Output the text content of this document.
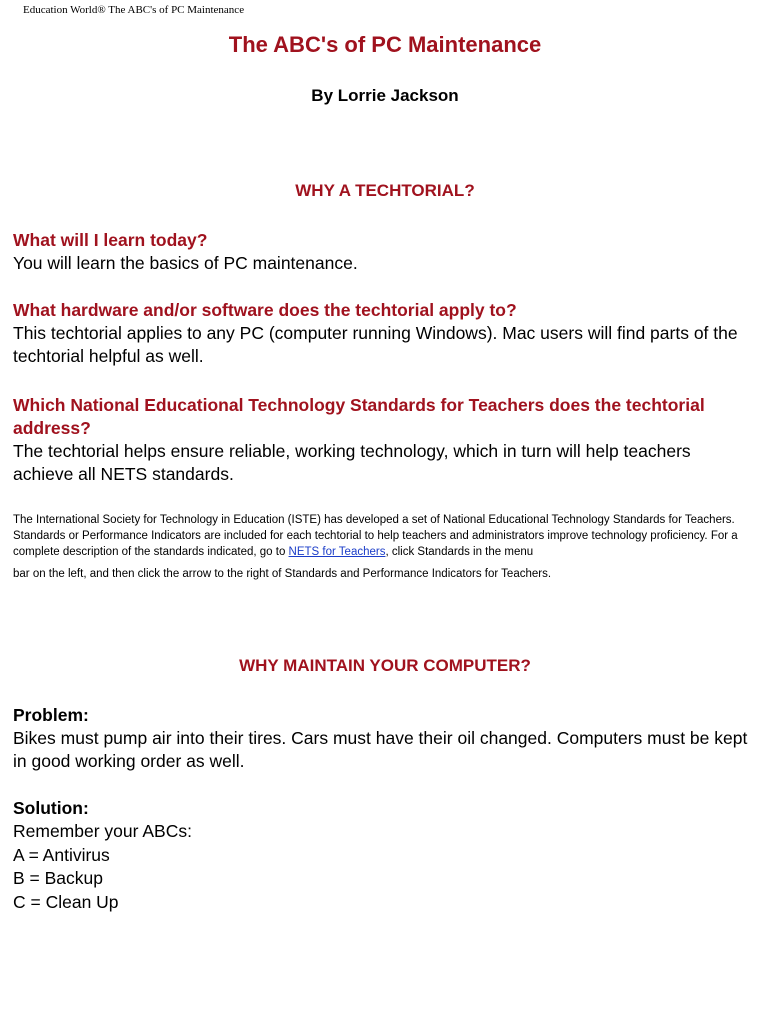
Education World® The ABC's of PC Maintenance
The ABC's of PC Maintenance
By Lorrie Jackson
WHY A TECHTORIAL?
What will I learn today?
You will learn the basics of PC maintenance.
What hardware and/or software does the techtorial apply to?
This techtorial applies to any PC (computer running Windows). Mac users will find parts of the techtorial helpful as well.
Which National Educational Technology Standards for Teachers does the techtorial address?
The techtorial helps ensure reliable, working technology, which in turn will help teachers achieve all NETS standards.
The International Society for Technology in Education (ISTE) has developed a set of National Educational Technology Standards for Teachers. Standards or Performance Indicators are included for each techtorial to help teachers and administrators improve technology proficiency. For a complete description of the standards indicated, go to NETS for Teachers, click Standards in the menu
bar on the left, and then click the arrow to the right of Standards and Performance Indicators for Teachers.
WHY MAINTAIN YOUR COMPUTER?
Problem:
Bikes must pump air into their tires. Cars must have their oil changed. Computers must be kept in good working order as well.
Solution:
Remember your ABCs:
A = Antivirus
B = Backup
C = Clean Up
